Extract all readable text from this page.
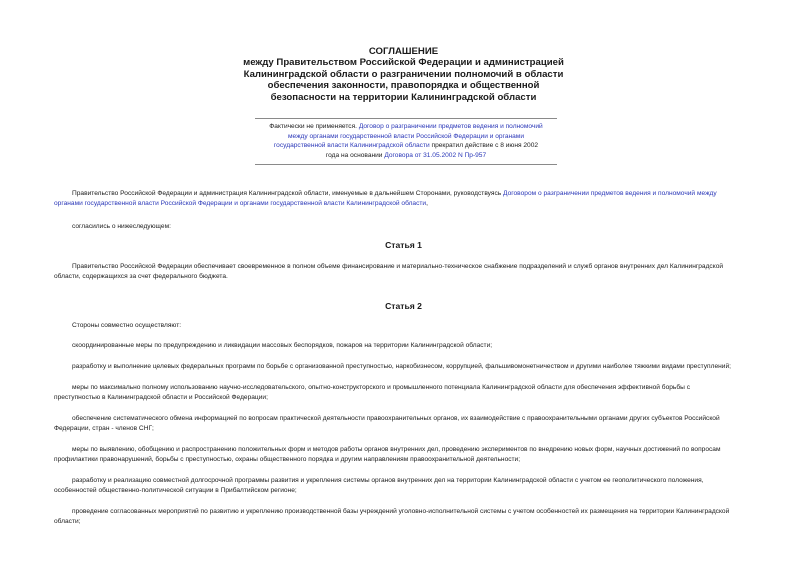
СОГЛАШЕНИЕ
между Правительством Российской Федерации и администрацией
Калининградской области о разграничении полномочий в области
обеспечения законности, правопорядка и общественной
безопасности на территории Калининградской области
Фактически не применяется. Договор о разграничении предметов ведения и полномочий
между органами государственной власти Российской Федерации и органами
государственной власти Калининградской области прекратил действие с 8 июня 2002
года на основании Договора от 31.05.2002 N Пр-957
Правительство Российской Федерации и администрация Калининградской области, именуемые в дальнейшем Сторонами, руководствуясь Договором о разграничении предметов ведения и полномочий между
органами государственной власти Российской Федерации и органами государственной власти Калининградской области,
согласились о нижеследующем:
Статья 1
Правительство Российской Федерации обеспечивает своевременное в полном объеме финансирование и материально-техническое снабжение подразделений и служб органов внутренних дел Калининградской
области, содержащихся за счет федерального бюджета.
Статья 2
Стороны совместно осуществляют:
скоординированные меры по предупреждению и ликвидации массовых беспорядков, пожаров на территории Калининградской области;
разработку и выполнение целевых федеральных программ по борьбе с организованной преступностью, наркобизнесом, коррупцией, фальшивомонетничеством и другими наиболее тяжкими видами преступлений;
меры по максимально полному использованию научно-исследовательского, опытно-конструкторского и промышленного потенциала Калининградской области для обеспечения эффективной борьбы с
преступностью в Калининградской области и Российской Федерации;
обеспечение систематического обмена информацией по вопросам практической деятельности правоохранительных органов, их взаимодействие с правоохранительными органами других субъектов Российской
Федерации, стран - членов СНГ;
меры по выявлению, обобщению и распространению положительных форм и методов работы органов внутренних дел, проведению экспериментов по внедрению новых форм, научных достижений по вопросам
профилактики правонарушений, борьбы с преступностью, охраны общественного порядка и другим направлениям правоохранительной деятельности;
разработку и реализацию совместной долгосрочной программы развития и укрепления системы органов внутренних дел на территории Калининградской области с учетом ее геополитического положения,
особенностей общественно-политической ситуации в Прибалтийском регионе;
проведение согласованных мероприятий по развитию и укреплению производственной базы учреждений уголовно-исполнительной системы с учетом особенностей их размещения на территории Калининградской
области;
